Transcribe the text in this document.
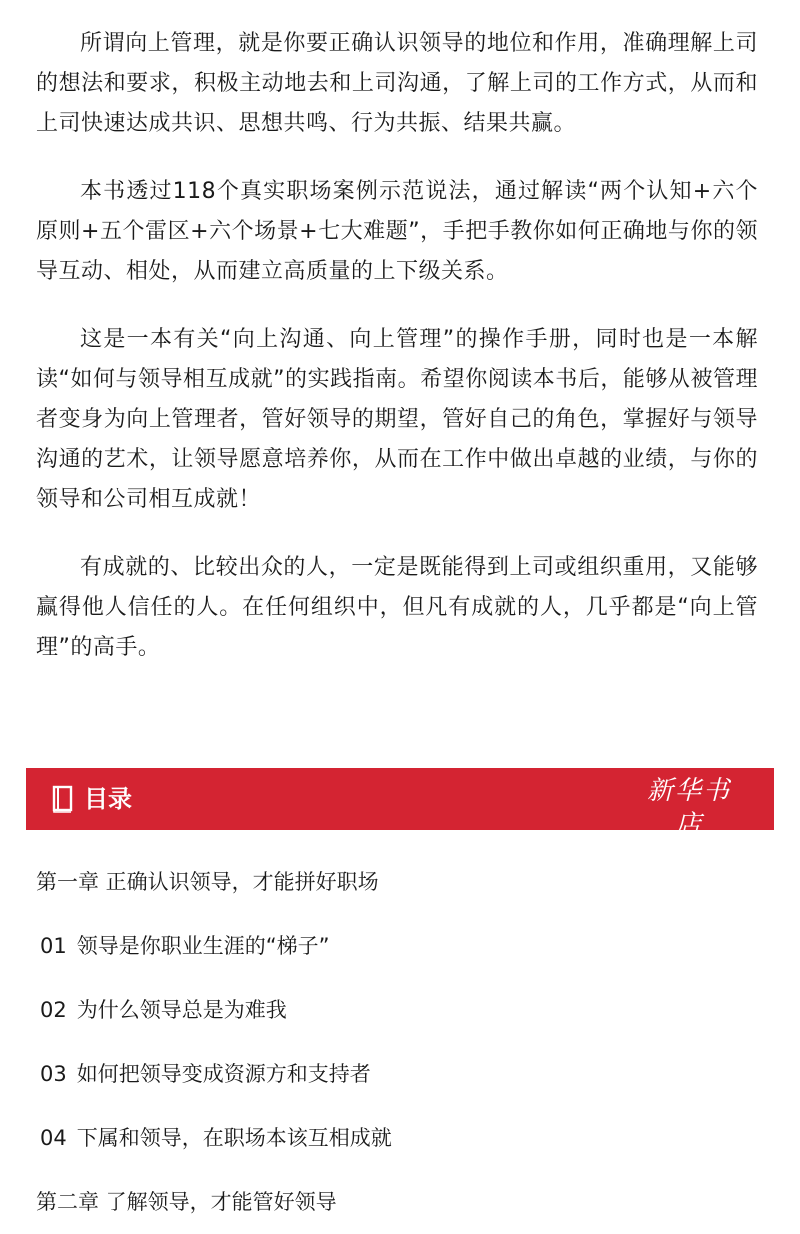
所谓向上管理，就是你要正确认识领导的地位和作用，准确理解上司的想法和要求，积极主动地去和上司沟通，了解上司的工作方式，从而和上司快速达成共识、思想共鸣、行为共振、结果共赢。

本书透过118个真实职场案例示范说法，通过解读“两个认知+六个原则+五个雷区+六个场景+七大难题”，手把手教你如何正确地与你的领导互动、相处，从而建立高质量的上下级关系。

这是一本有关“向上沟通、向上管理”的操作手册，同时也是一本解读“如何与领导相互成就”的实践指南。希望你阅读本书后，能够从被管理者变身为向上管理者，管好领导的期望，管好自己的角色，掌握好与领导沟通的艺术，让领导愿意培养你，从而在工作中做出卓越的业绩，与你的领导和公司相互成就！

有成就的、比较出众的人，一定是既能得到上司或组织重用，又能够赢得他人信任的人。在任何组织中，但凡有成就的人，几乎都是“向上管理”的高手。

目录	新华书店
XINHUA BOOKSTORE
第一章 正确认识领导，才能拼好职场
01 领导是你职业生涯的“梯子”
02 为什么领导总是为难我
03 如何把领导变成资源方和支持者
04 下属和领导，在职场本该互相成就
第二章 了解领导，才能管好领导
